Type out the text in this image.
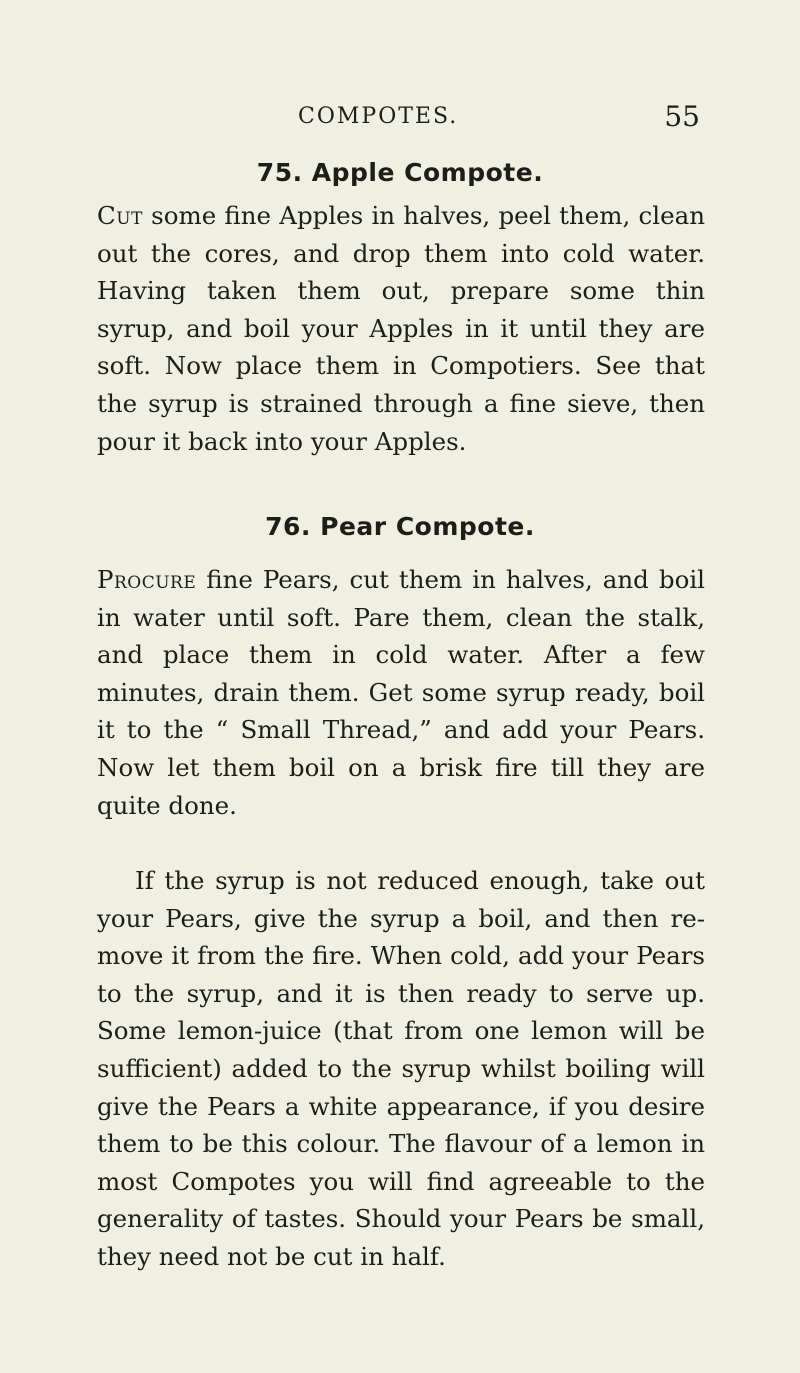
COMPOTES.	55
75. Apple Compote.

Cut some fine Apples in halves, peel them, clean out the cores, and drop them into cold water. Having taken them out, prepare some thin syrup, and boil your Apples in it until they are soft. Now place them in Compotiers. See that the syrup is strained through a fine sieve, then pour it back into your Apples.

76. Pear Compote.

Procure fine Pears, cut them in halves, and boil in water until soft. Pare them, clean the stalk, and place them in cold water. After a few minutes, drain them. Get some syrup ready, boil it to the “ Small Thread,” and add your Pears. Now let them boil on a brisk fire till they are quite done.

If the syrup is not reduced enough, take out your Pears, give the syrup a boil, and then re-move it from the fire. When cold, add your Pears to the syrup, and it is then ready to serve up. Some lemon-juice (that from one lemon will be sufficient) added to the syrup whilst boiling will give the Pears a white appearance, if you desire them to be this colour. The flavour of a lemon in most Compotes you will find agreeable to the generality of tastes. Should your Pears be small, they need not be cut in half.
